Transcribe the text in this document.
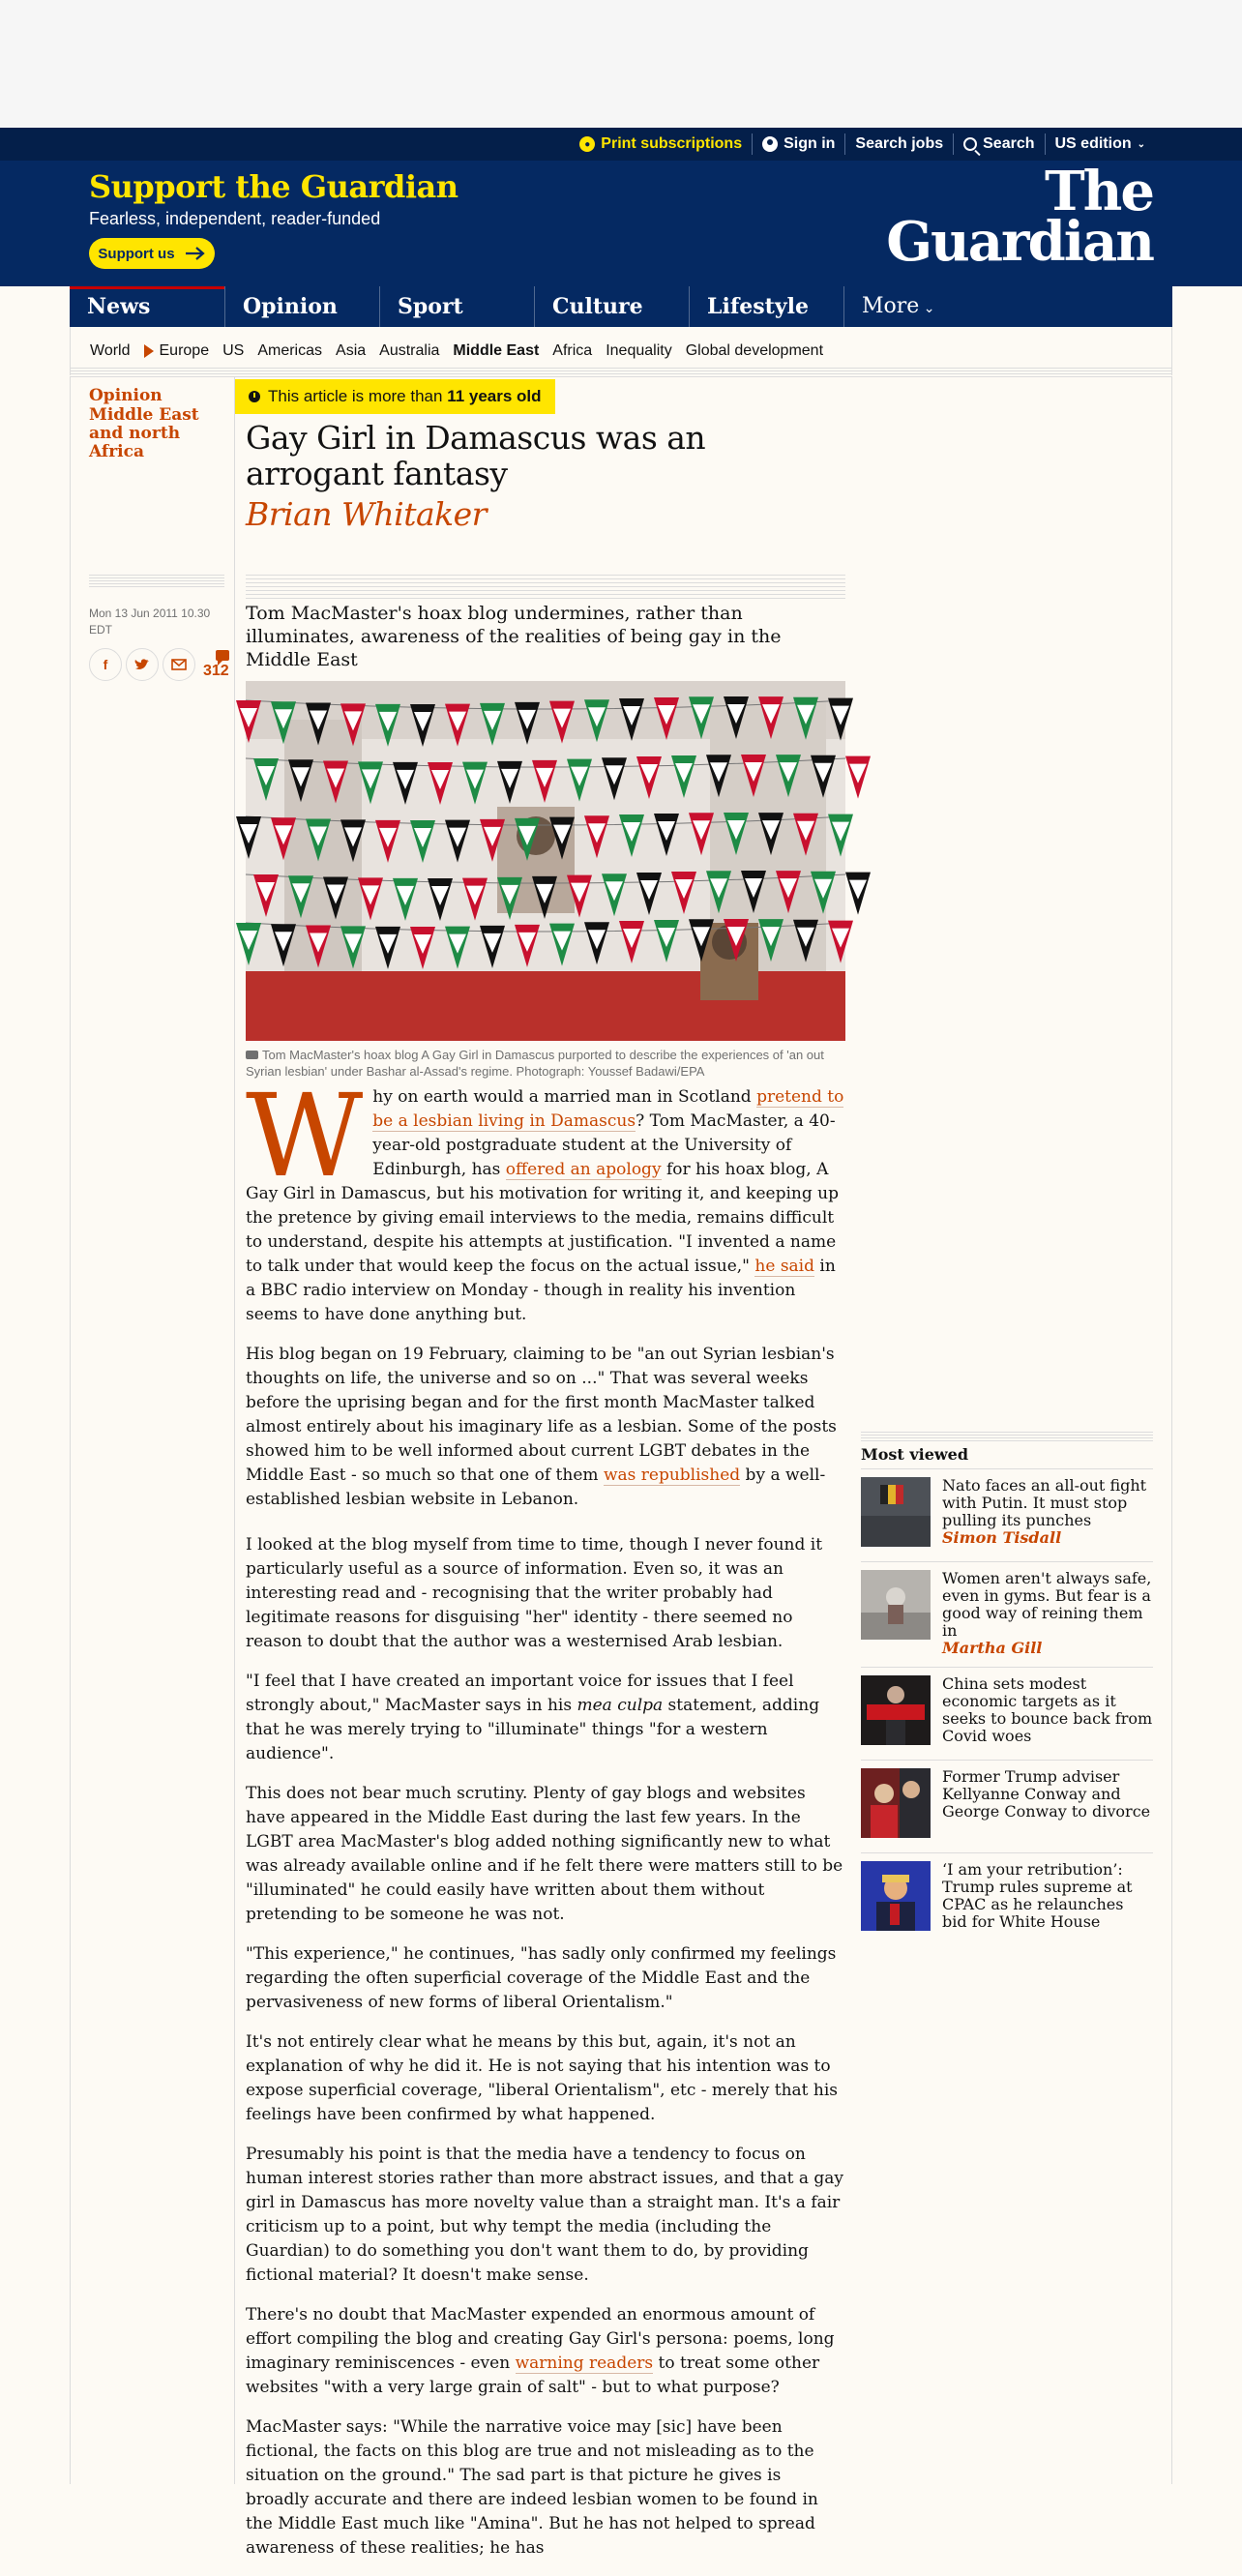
● Print subscriptions	Sign in Search jobs	Search US edition ⌄
Support the Guardian
Fearless, independent, reader-funded
Support us
The
Guardian
News	Opinion	Sport	Culture	Lifestyle	More ⌄
World Europe US Americas Asia Australia Middle East Africa Inequality Global development
Opinion
Middle East and north Africa
This article is more than 11 years old
Gay Girl in Damascus was an arrogant fantasy
Brian Whitaker
Mon 13 Jun 2011 10.30 EDT
f	312
Tom MacMaster's hoax blog undermines, rather than illuminates, awareness of the realities of being gay in the Middle East
Tom MacMaster's hoax blog A Gay Girl in Damascus purported to describe the experiences of 'an out Syrian lesbian' under Bashar al-Assad's regime. Photograph: Youssef Badawi/EPA

Why on earth would a married man in Scotland pretend to be a lesbian living in Damascus? Tom MacMaster, a 40-year-old postgraduate student at the University of Edinburgh, has offered an apology for his hoax blog, A Gay Girl in Damascus, but his motivation for writing it, and keeping up the pretence by giving email interviews to the media, remains difficult to understand, despite his attempts at justification. "I invented a name to talk under that would keep the focus on the actual issue," he said in a BBC radio interview on Monday - though in reality his invention seems to have done anything but.

His blog began on 19 February, claiming to be "an out Syrian lesbian's thoughts on life, the universe and so on ..." That was several weeks before the uprising began and for the first month MacMaster talked almost entirely about his imaginary life as a lesbian. Some of the posts showed him to be well informed about current LGBT debates in the Middle East - so much so that one of them was republished by a well-established lesbian website in Lebanon.

I looked at the blog myself from time to time, though I never found it particularly useful as a source of information. Even so, it was an interesting read and - recognising that the writer probably had legitimate reasons for disguising "her" identity - there seemed no reason to doubt that the author was a westernised Arab lesbian.

"I feel that I have created an important voice for issues that I feel strongly about," MacMaster says in his mea culpa statement, adding that he was merely trying to "illuminate" things "for a western audience".

This does not bear much scrutiny. Plenty of gay blogs and websites have appeared in the Middle East during the last few years. In the LGBT area MacMaster's blog added nothing significantly new to what was already available online and if he felt there were matters still to be "illuminated" he could easily have written about them without pretending to be someone he was not.

"This experience," he continues, "has sadly only confirmed my feelings regarding the often superficial coverage of the Middle East and the pervasiveness of new forms of liberal Orientalism."

It's not entirely clear what he means by this but, again, it's not an explanation of why he did it. He is not saying that his intention was to expose superficial coverage, "liberal Orientalism", etc - merely that his feelings have been confirmed by what happened.

Presumably his point is that the media have a tendency to focus on human interest stories rather than more abstract issues, and that a gay girl in Damascus has more novelty value than a straight man. It's a fair criticism up to a point, but why tempt the media (including the Guardian) to do something you don't want them to do, by providing fictional material? It doesn't make sense.

There's no doubt that MacMaster expended an enormous amount of effort compiling the blog and creating Gay Girl's persona: poems, long imaginary reminiscences - even warning readers to treat some other websites "with a very large grain of salt" - but to what purpose?

MacMaster says: "While the narrative voice may [sic] have been fictional, the facts on this blog are true and not misleading as to the situation on the ground." The sad part is that picture he gives is broadly accurate and there are indeed lesbian women to be found in the Middle East much like "Amina". But he has not helped to spread awareness of these realities; he has

Most viewed
Nato faces an all-out fight with Putin. It must stop pulling its punches
Simon Tisdall
Women aren't always safe, even in gyms. But fear is a good way of reining them in
Martha Gill
China sets modest economic targets as it seeks to bounce back from Covid woes
Former Trump adviser Kellyanne Conway and George Conway to divorce
‘I am your retribution’: Trump rules supreme at CPAC as he relaunches bid for White House
